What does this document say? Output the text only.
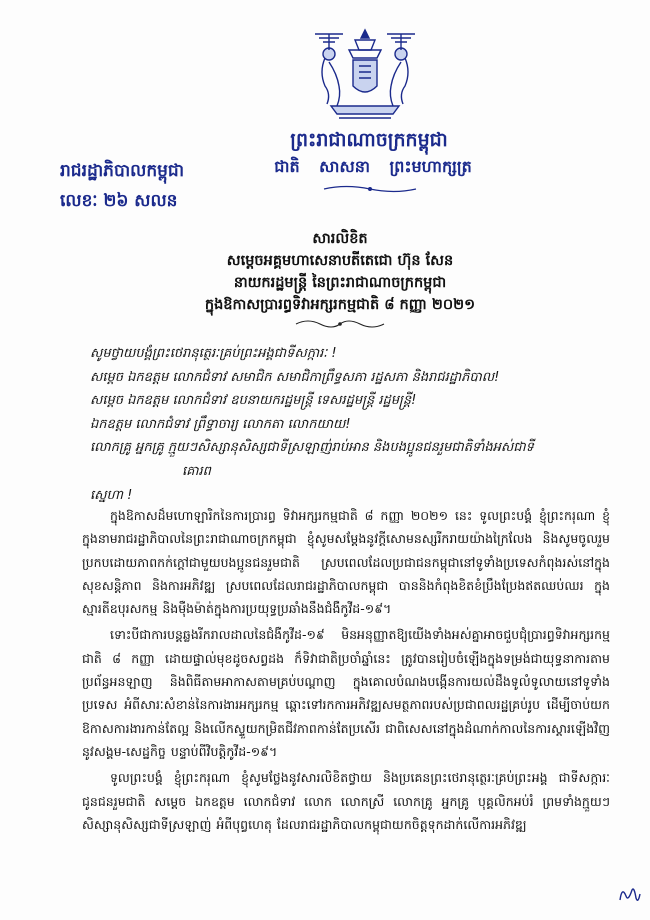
ព្រះរាជាណាចក្រកម្ពុជា
ជាតិ សាសនា ព្រះមហាក្សត្រ
រាជរដ្ឋាភិបាលកម្ពុជា
លេខៈ ២៦ សលន
សារលិខិត
សម្តេចអគ្គមហាសេនាបតីតេជោ ហ៊ុន សែន
នាយករដ្ឋមន្ត្រី នៃព្រះរាជាណាចក្រកម្ពុជា
ក្នុងឱកាសប្រារព្ធទិវាអក្សរកម្មជាតិ ៨ កញ្ញា ២០២១
សូមថ្វាយបង្គំព្រះថេរានុត្ថេរៈគ្រប់ព្រះអង្គជាទីសក្ការៈ !
សម្តេច ឯកឧត្តម លោកជំទាវ សមាជិក សមាជិកាព្រឹទ្ធសភា រដ្ឋសភា និងរាជរដ្ឋាភិបាល!
សម្តេច ឯកឧត្តម លោកជំទាវ ឧបនាយករដ្ឋមន្ត្រី ទេសរដ្ឋមន្ត្រី រដ្ឋមន្ត្រី!
ឯកឧត្តម លោកជំទាវ ព្រឹទ្ធាចារ្យ លោកតា លោកយាយ!
លោកគ្រូ អ្នកគ្រូ ក្មួយៗសិស្សានុសិស្សជាទីស្រឡាញ់រាប់អាន និងបងប្អូនជនរួមជាតិទាំងអស់ជាទី
គោរព
ស្នេហា !

ក្នុងឱកាសដ៏មហោឡារិកនៃការប្រារព្ធ ទិវាអក្សរកម្មជាតិ ៨ កញ្ញា ២០២១ នេះ ទូលព្រះបង្គំ ខ្ញុំព្រះករុណា ខ្ញុំក្នុងនាមរាជរដ្ឋាភិបាលនៃព្រះរាជាណាចក្រកម្ពុជា ខ្ញុំសូមសម្តែងនូវក្តីសោមនស្សរីករាយយ៉ាងក្រៃលែង និងសូមចូលរួមប្រកបដោយភាពកក់ក្តៅជាមួយបងប្អូនជនរួមជាតិ ស្របពេលដែលប្រជាជនកម្ពុជានៅទូទាំងប្រទេសកំពុងរស់នៅក្នុងសុខសន្តិភាព និងការអភិវឌ្ឍ ស្របពេលដែលរាជរដ្ឋាភិបាលកម្ពុជា បាននិងកំពុងខិតខំប្រឹងប្រែងឥតឈប់ឈរ ក្នុងស្មារតីឧបុរសកម្ម និងម៉ឺងម៉ាត់ក្នុងការប្រយុទ្ធប្រឆាំងនឹងជំងឺកូវីដ-១៩។

ទោះបីជាការបន្តឆ្លងរីករាលដាលនៃជំងឺកូវីដ-១៩ មិនអនុញ្ញាតឱ្យយើងទាំងអស់គ្នាអាចជួបជុំប្រារព្ធទិវាអក្សរកម្មជាតិ ៨ កញ្ញា ដោយផ្ទាល់មុខដូចសព្វដង ក៏ទិវាជាតិប្រចាំឆ្នាំនេះ ត្រូវបានរៀបចំឡើងក្នុងទម្រង់ជាយុទ្ធនាការតាមប្រព័ន្ធអនឡាញ និងពិធីតាមអាកាសតាមគ្រប់បណ្តាញ ក្នុងគោលបំណងបង្កើនការយល់ដឹងទូលំទូលាយនៅទូទាំងប្រទេស អំពីសារៈសំខាន់នៃការងារអក្សរកម្ម ឆ្ពោះទៅរកការអភិវឌ្ឍសមត្ថភាពរបស់ប្រជាពលរដ្ឋគ្រប់រូប ដើម្បីចាប់យកឱកាសការងារកាន់តែល្អ និងលើកស្ទួយកម្រិតជីវភាពកាន់តែប្រសើរ ជាពិសេសនៅក្នុងដំណាក់កាលនៃការស្តារឡើងវិញនូវសង្គម-សេដ្ឋកិច្ច បន្ទាប់ពីវិបត្តិកូវីដ-១៩។

ទូលព្រះបង្គំ ខ្ញុំព្រះករុណា ខ្ញុំសូមថ្លែងនូវសារលិខិតថ្វាយ និងប្រគេនព្រះថេរានុត្ថេរៈគ្រប់ព្រះអង្គ ជាទីសក្ការៈ ជូនជនរួមជាតិ សម្តេច ឯកឧត្តម លោកជំទាវ លោក លោកស្រី លោកគ្រូ អ្នកគ្រូ បុគ្គលិកអប់រំ ព្រមទាំងក្មួយៗ សិស្សានុសិស្សជាទីស្រឡាញ់ អំពីបុព្វហេតុ ដែលរាជរដ្ឋាភិបាលកម្ពុជាយកចិត្តទុកដាក់លើការអភិវឌ្ឍ
